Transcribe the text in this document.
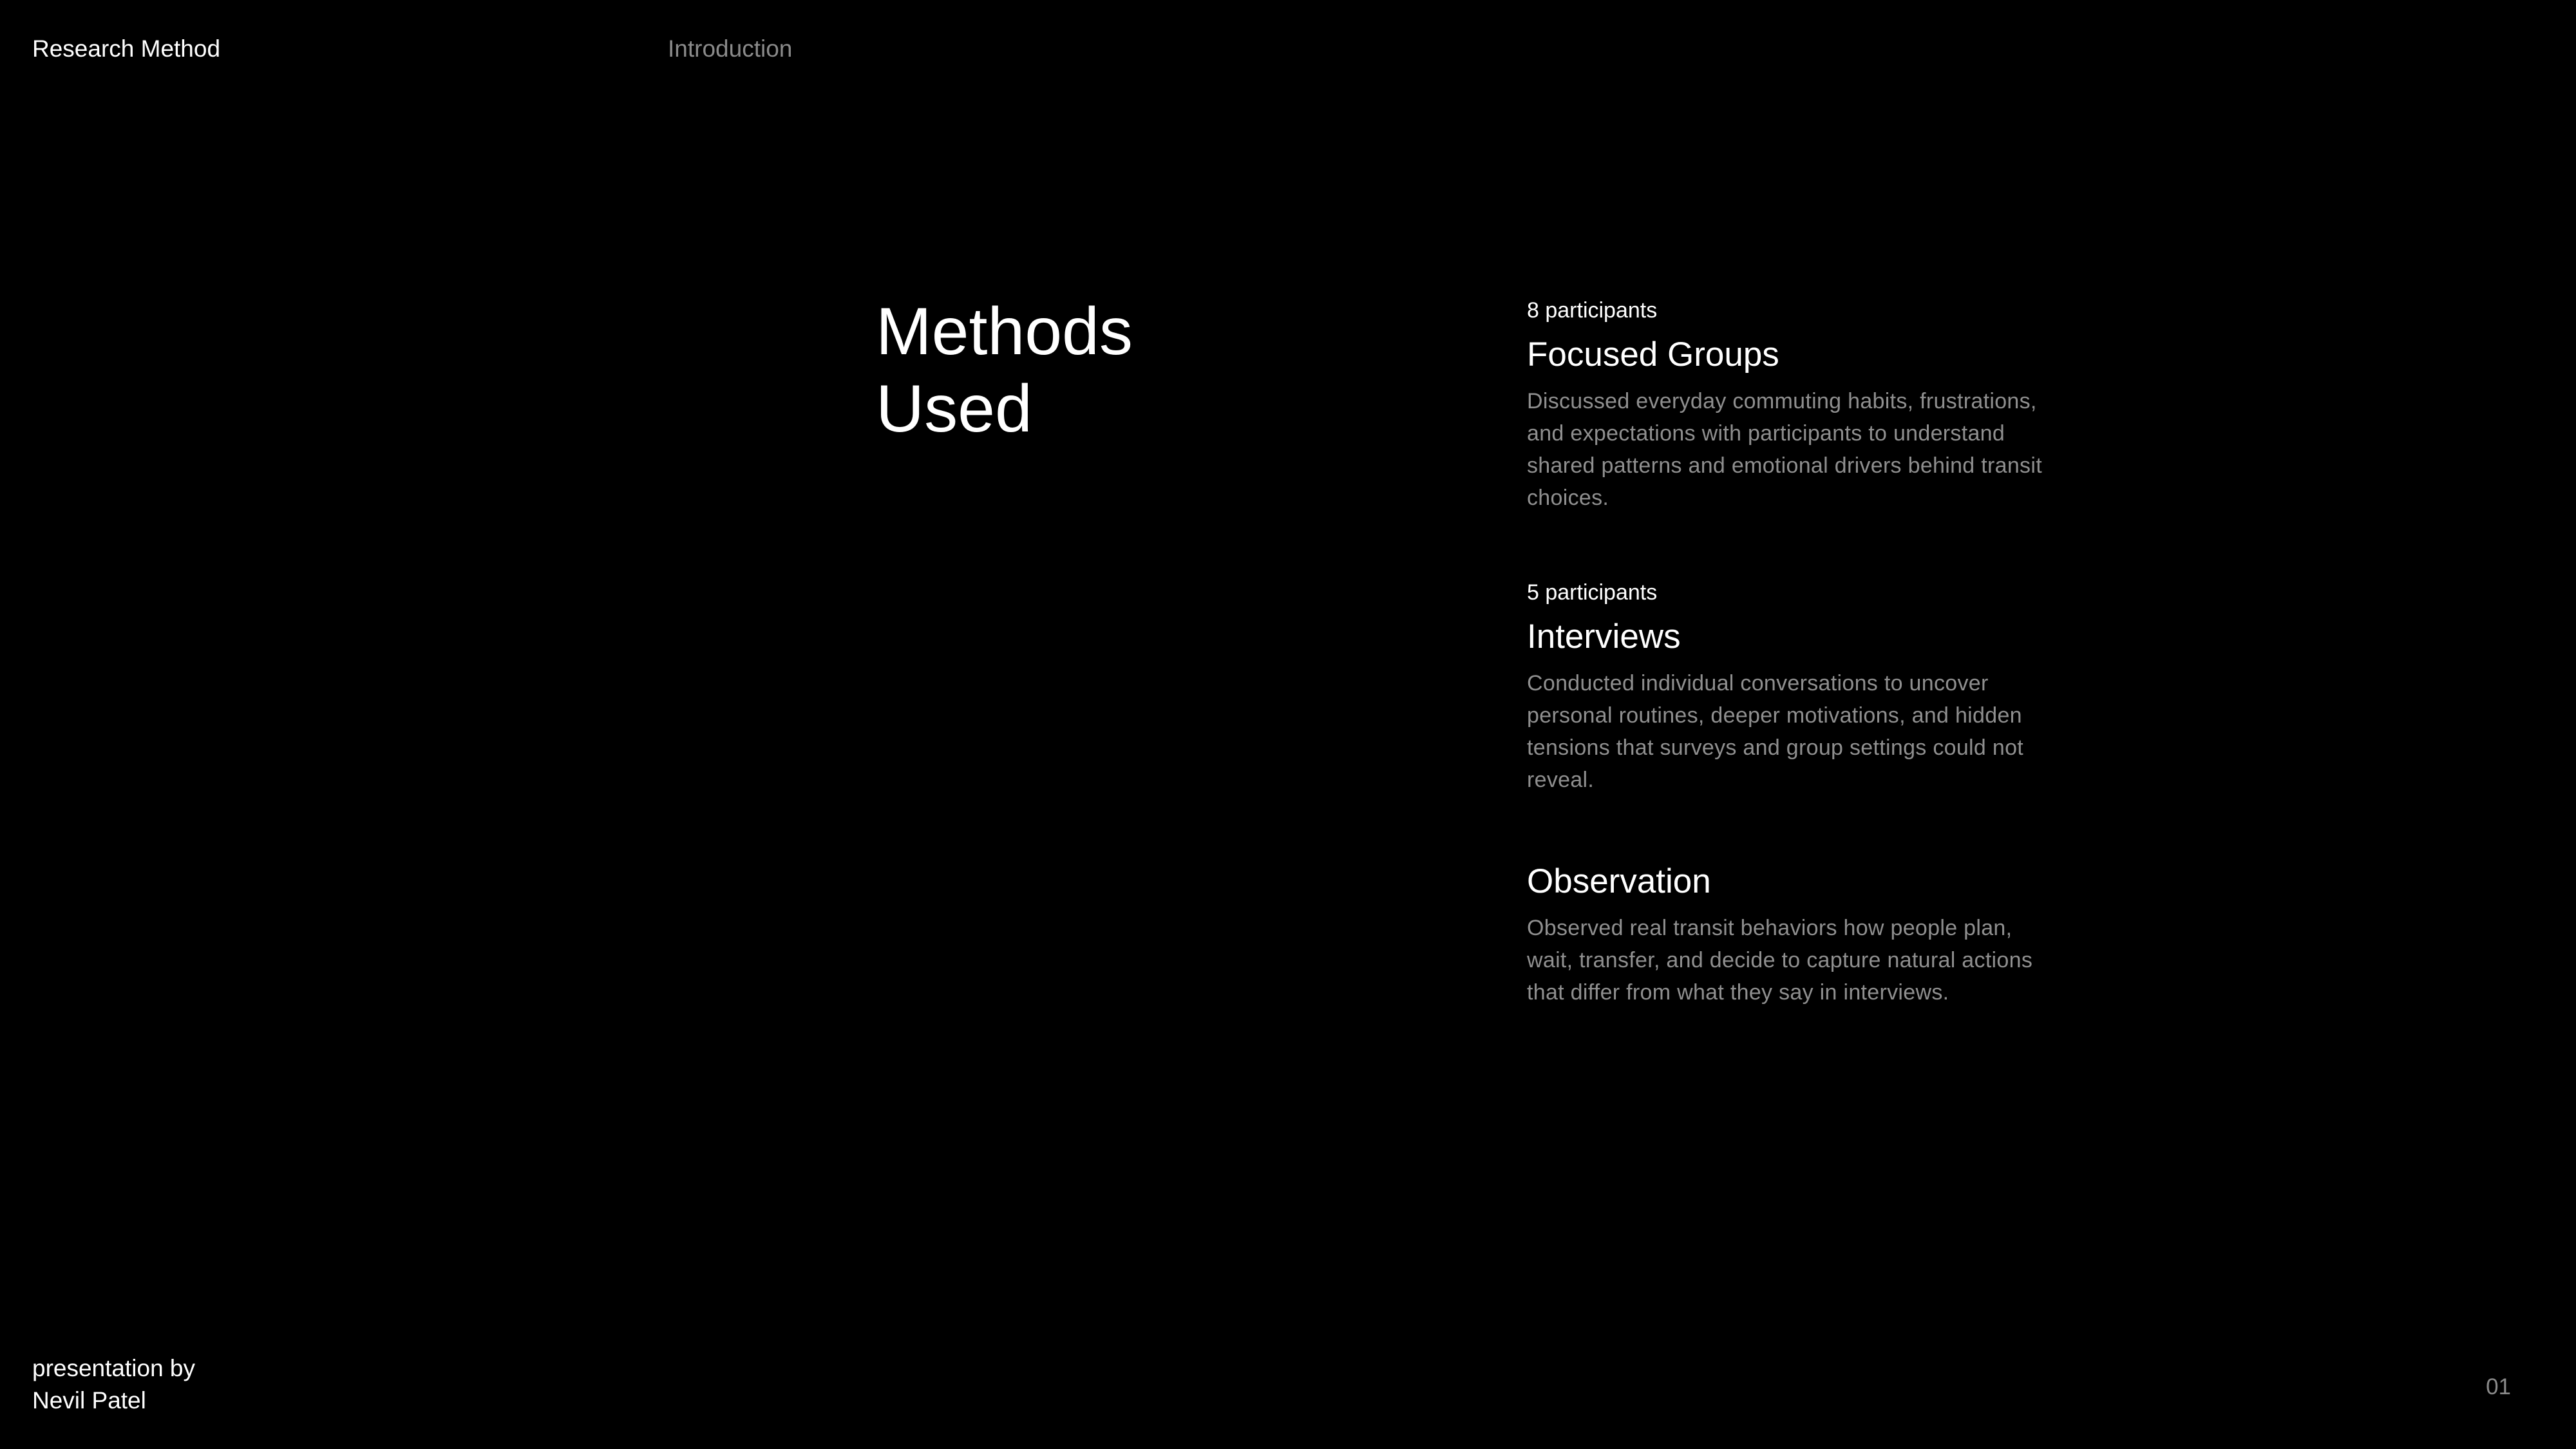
Research Method	Introduction
Methods
Used

8 participants

Focused Groups

Discussed everyday commuting habits, frustrations, and expectations with participants to understand shared patterns and emotional drivers behind transit choices.

5 participants

Interviews

Conducted individual conversations to uncover personal routines, deeper motivations, and hidden tensions that surveys and group settings could not reveal.

Observation

Observed real transit behaviors how people plan, wait, transfer, and decide to capture natural actions that differ from what they say in interviews.

presentation by
Nevil Patel
01
